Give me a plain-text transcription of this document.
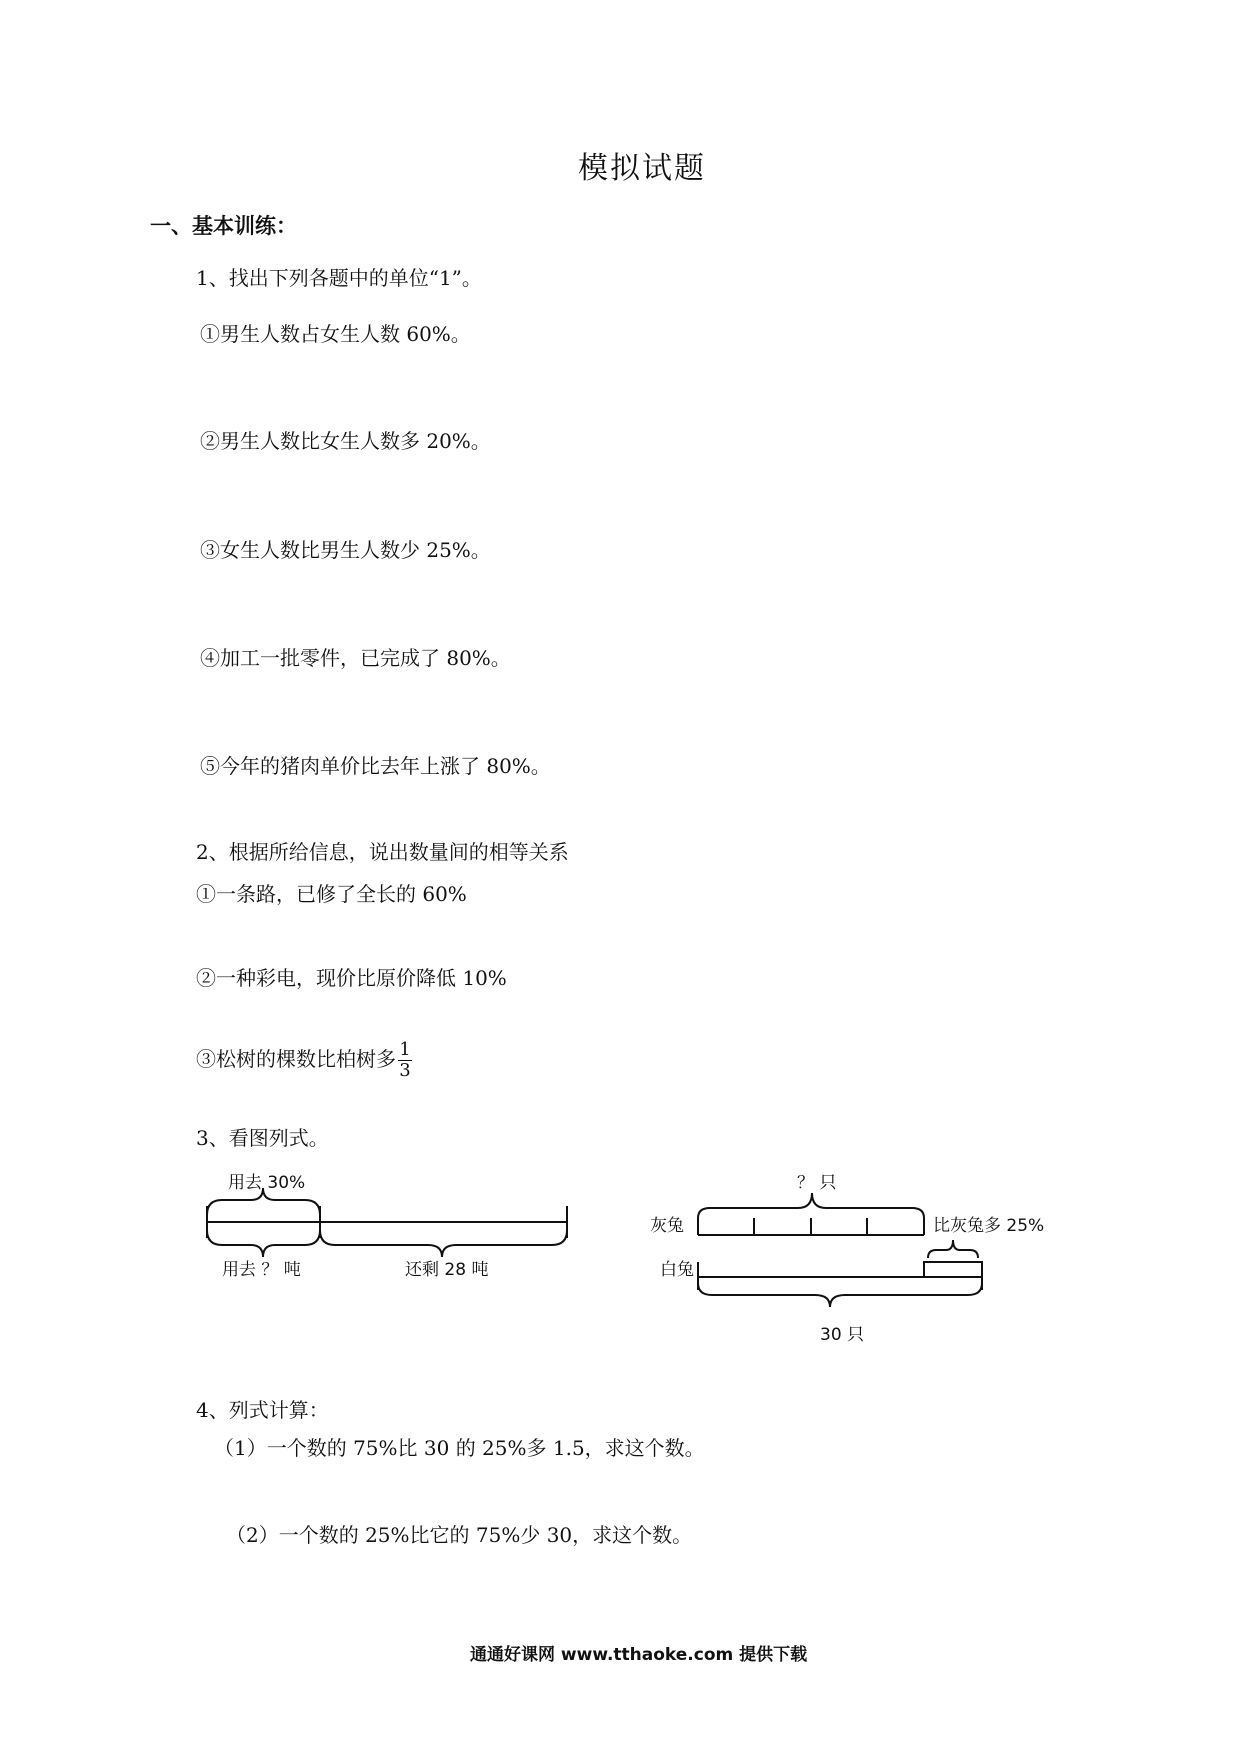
模拟试题
一、基本训练：
1、找出下列各题中的单位“1”。
①男生人数占女生人数 60%。
②男生人数比女生人数多 20%。
③女生人数比男生人数少 25%。
④加工一批零件，已完成了 80%。
⑤今年的猪肉单价比去年上涨了 80%。
2、根据所给信息，说出数量间的相等关系
①一条路，已修了全长的 60%
②一种彩电，现价比原价降低 10%
③松树的棵数比柏树多 $\frac{1}{3}$
3、看图列式。
用去 30%
用去 ？ 吨	还剩 28 吨
？ 只
灰兔	比灰兔多 25%
白兔
30 只
4、列式计算：
（1）一个数的 75%比 30 的 25%多 1.5，求这个数。
（2）一个数的 25%比它的 75%少 30，求这个数。
通通好课网 www.tthaoke.com 提供下载
